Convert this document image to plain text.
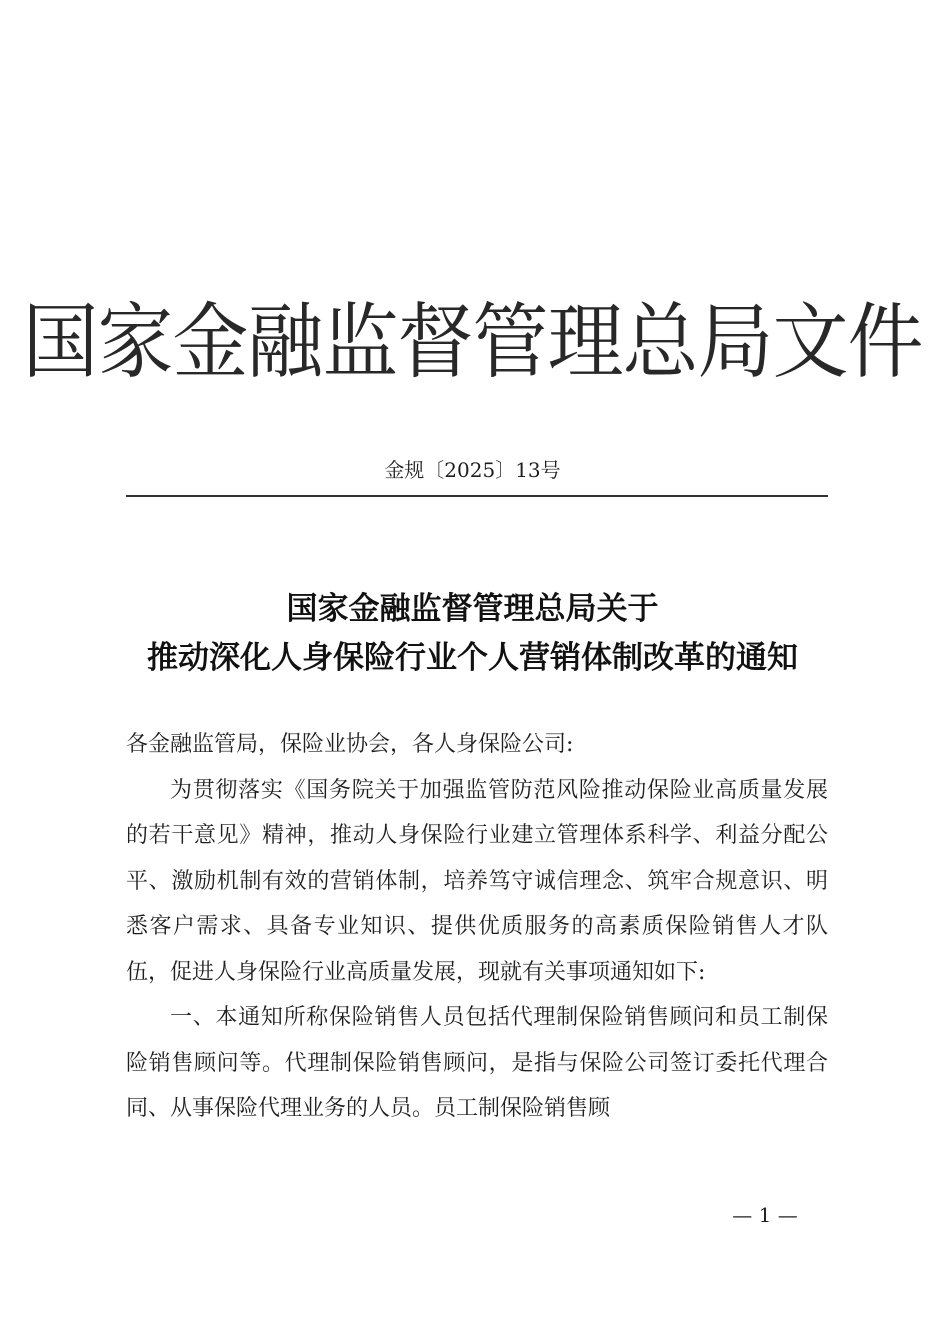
国家金融监督管理总局文件
金规〔2025〕13号
国家金融监督管理总局关于
推动深化人身保险行业个人营销体制改革的通知

各金融监管局，保险业协会，各人身保险公司:

为贯彻落实《国务院关于加强监管防范风险推动保险业高质量发展的若干意见》精神，推动人身保险行业建立管理体系科学、利益分配公平、激励机制有效的营销体制，培养笃守诚信理念、筑牢合规意识、明悉客户需求、具备专业知识、提供优质服务的高素质保险销售人才队伍，促进人身保险行业高质量发展，现就有关事项通知如下:

一、本通知所称保险销售人员包括代理制保险销售顾问和员工制保险销售顾问等。代理制保险销售顾问，是指与保险公司签订委托代理合同、从事保险代理业务的人员。员工制保险销售顾

— 1 —
